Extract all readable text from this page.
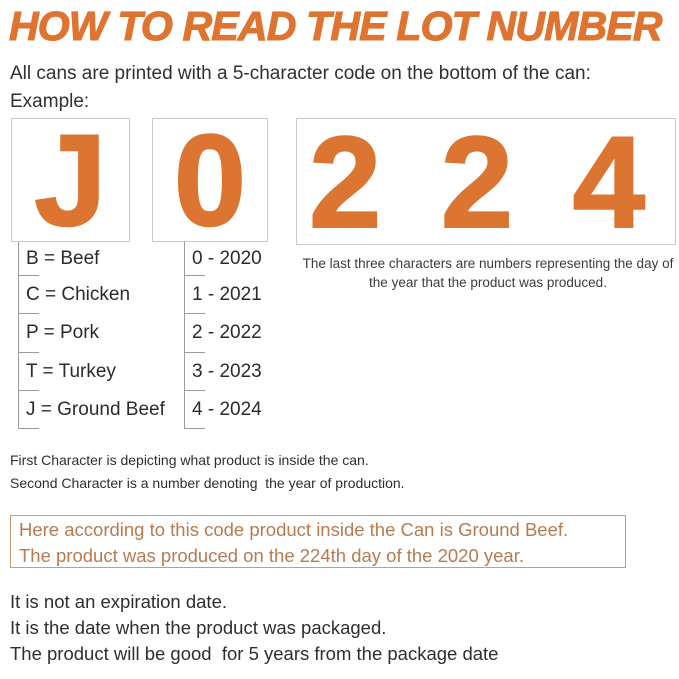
HOW TO READ THE LOT NUMBER
All cans are printed with a 5-character code on the bottom of the can:
Example:
J 0 2 2 4
B = Beef
C = Chicken
P = Pork
T = Turkey
J = Ground Beef
0 - 2020
1 - 2021
2 - 2022
3 - 2023
4 - 2024
The last three characters are numbers representing the day of the year that the product was produced.
First Character is depicting what product is inside the can.
Second Character is a number denoting  the year of production.
Here according to this code product inside the Can is Ground Beef.
The product was produced on the 224th day of the 2020 year.
It is not an expiration date.
It is the date when the product was packaged.
The product will be good  for 5 years from the package date
